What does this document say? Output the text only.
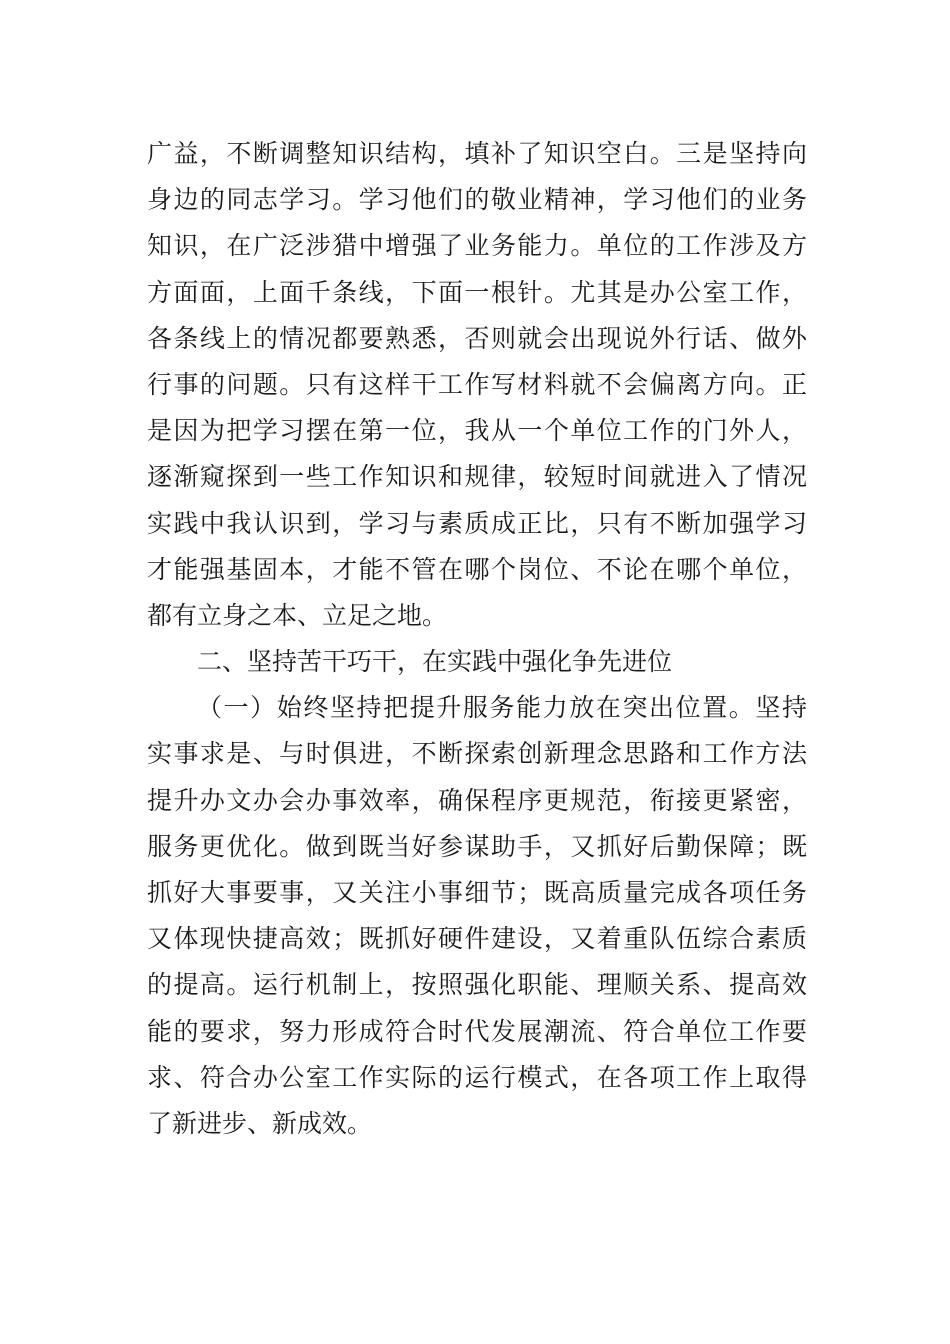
广益，不断调整知识结构，填补了知识空白。三是坚持向
身边的同志学习。学习他们的敬业精神，学习他们的业务
知识，在广泛涉猎中增强了业务能力。单位的工作涉及方
方面面，上面千条线，下面一根针。尤其是办公室工作，
各条线上的情况都要熟悉，否则就会出现说外行话、做外
行事的问题。只有这样干工作写材料就不会偏离方向。正
是因为把学习摆在第一位，我从一个单位工作的门外人，
逐渐窥探到一些工作知识和规律，较短时间就进入了情况
实践中我认识到，学习与素质成正比，只有不断加强学习
才能强基固本，才能不管在哪个岗位、不论在哪个单位，
都有立身之本、立足之地。
二、坚持苦干巧干，在实践中强化争先进位
（一）始终坚持把提升服务能力放在突出位置。坚持
实事求是、与时俱进，不断探索创新理念思路和工作方法
提升办文办会办事效率，确保程序更规范，衔接更紧密，
服务更优化。做到既当好参谋助手，又抓好后勤保障；既
抓好大事要事，又关注小事细节；既高质量完成各项任务
又体现快捷高效；既抓好硬件建设，又着重队伍综合素质
的提高。运行机制上，按照强化职能、理顺关系、提高效
能的要求，努力形成符合时代发展潮流、符合单位工作要
求、符合办公室工作实际的运行模式，在各项工作上取得
了新进步、新成效。
